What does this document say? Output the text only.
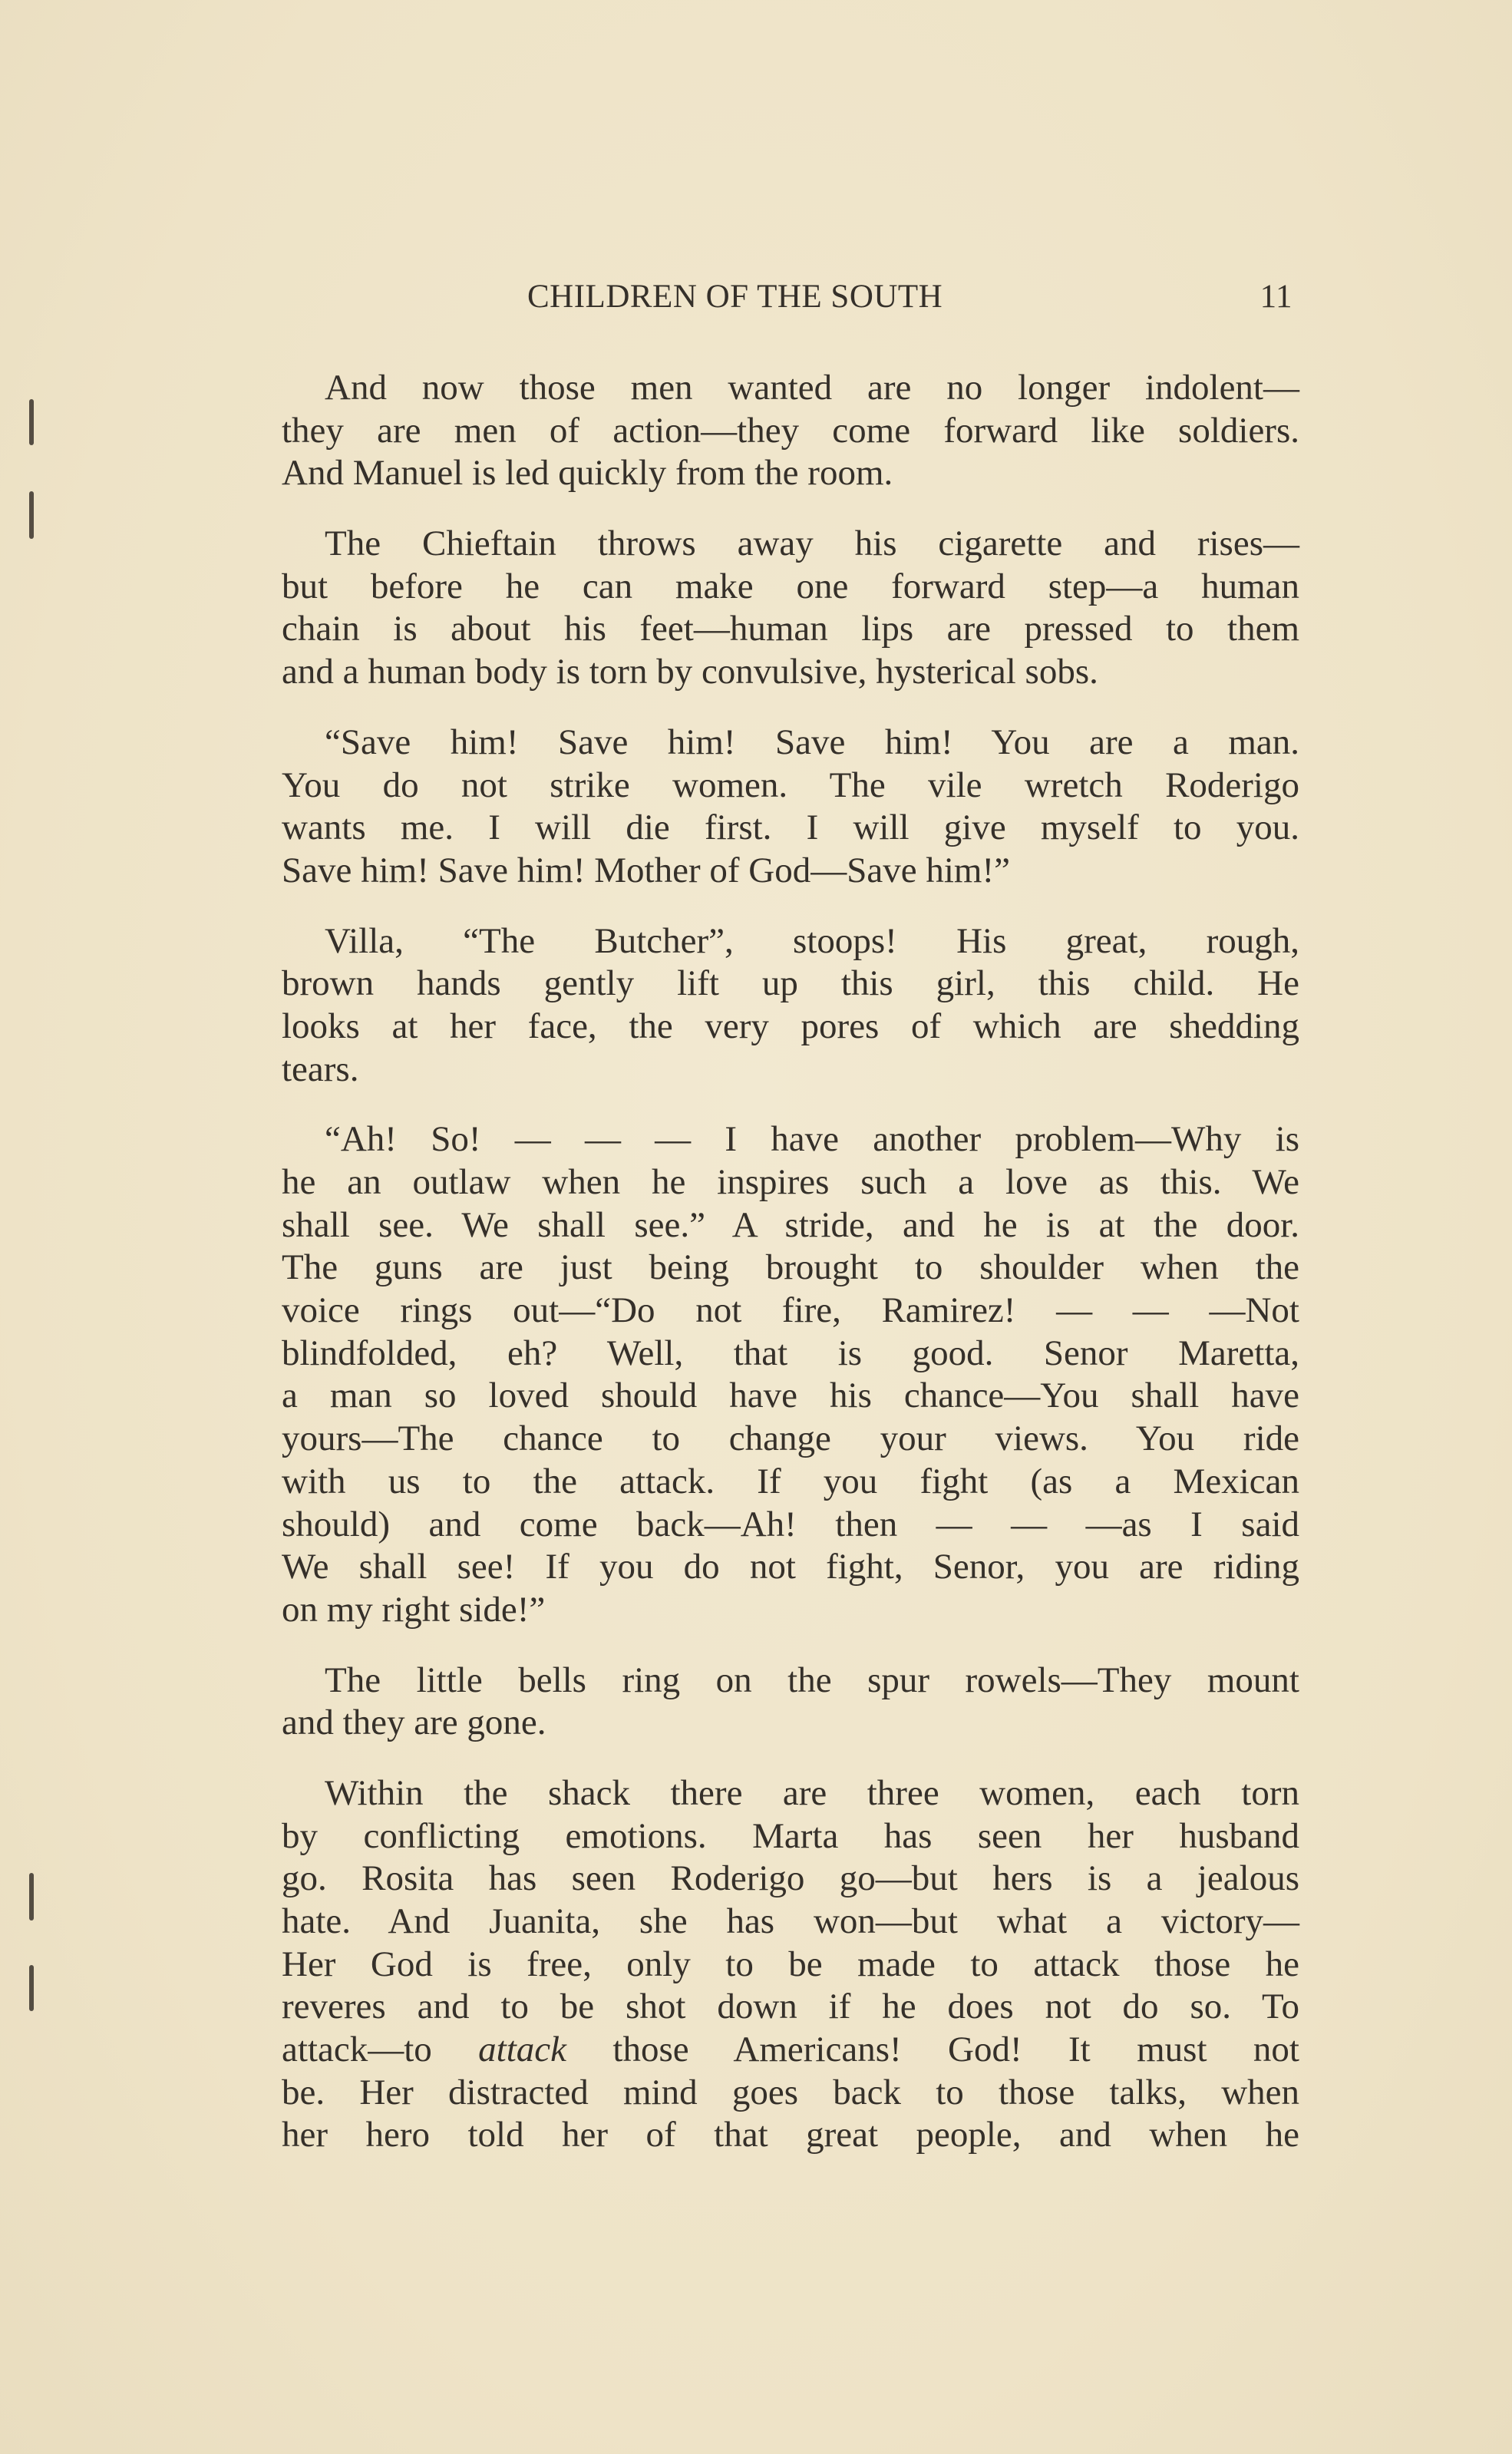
CHILDREN OF THE SOUTH	11
And now those men wanted are no longer indolent—
they are men of action—they come forward like soldiers.
And Manuel is led quickly from the room.
The Chieftain throws away his cigarette and rises—
but before he can make one forward step—a human
chain is about his feet—human lips are pressed to them
and a human body is torn by convulsive, hysterical sobs.
“Save him! Save him! Save him! You are a man.
You do not strike women. The vile wretch Roderigo
wants me. I will die first. I will give myself to you.
Save him! Save him! Mother of God—Save him!”
Villa, “The Butcher”, stoops! His great, rough,
brown hands gently lift up this girl, this child. He
looks at her face, the very pores of which are shedding
tears.
“Ah! So! — — — I have another problem—Why is
he an outlaw when he inspires such a love as this. We
shall see. We shall see.” A stride, and he is at the door.
The guns are just being brought to shoulder when the
voice rings out—“Do not fire, Ramirez! — — —Not
blindfolded, eh? Well, that is good. Senor Maretta,
a man so loved should have his chance—You shall have
yours—The chance to change your views. You ride
with us to the attack. If you fight (as a Mexican
should) and come back—Ah! then — — —as I said
We shall see! If you do not fight, Senor, you are riding
on my right side!”
The little bells ring on the spur rowels—They mount
and they are gone.
Within the shack there are three women, each torn
by conflicting emotions. Marta has seen her husband
go. Rosita has seen Roderigo go—but hers is a jealous
hate. And Juanita, she has won—but what a victory—
Her God is free, only to be made to attack those he
reveres and to be shot down if he does not do so. To
attack—to attack those Americans! God! It must not
be. Her distracted mind goes back to those talks, when
her hero told her of that great people, and when he
